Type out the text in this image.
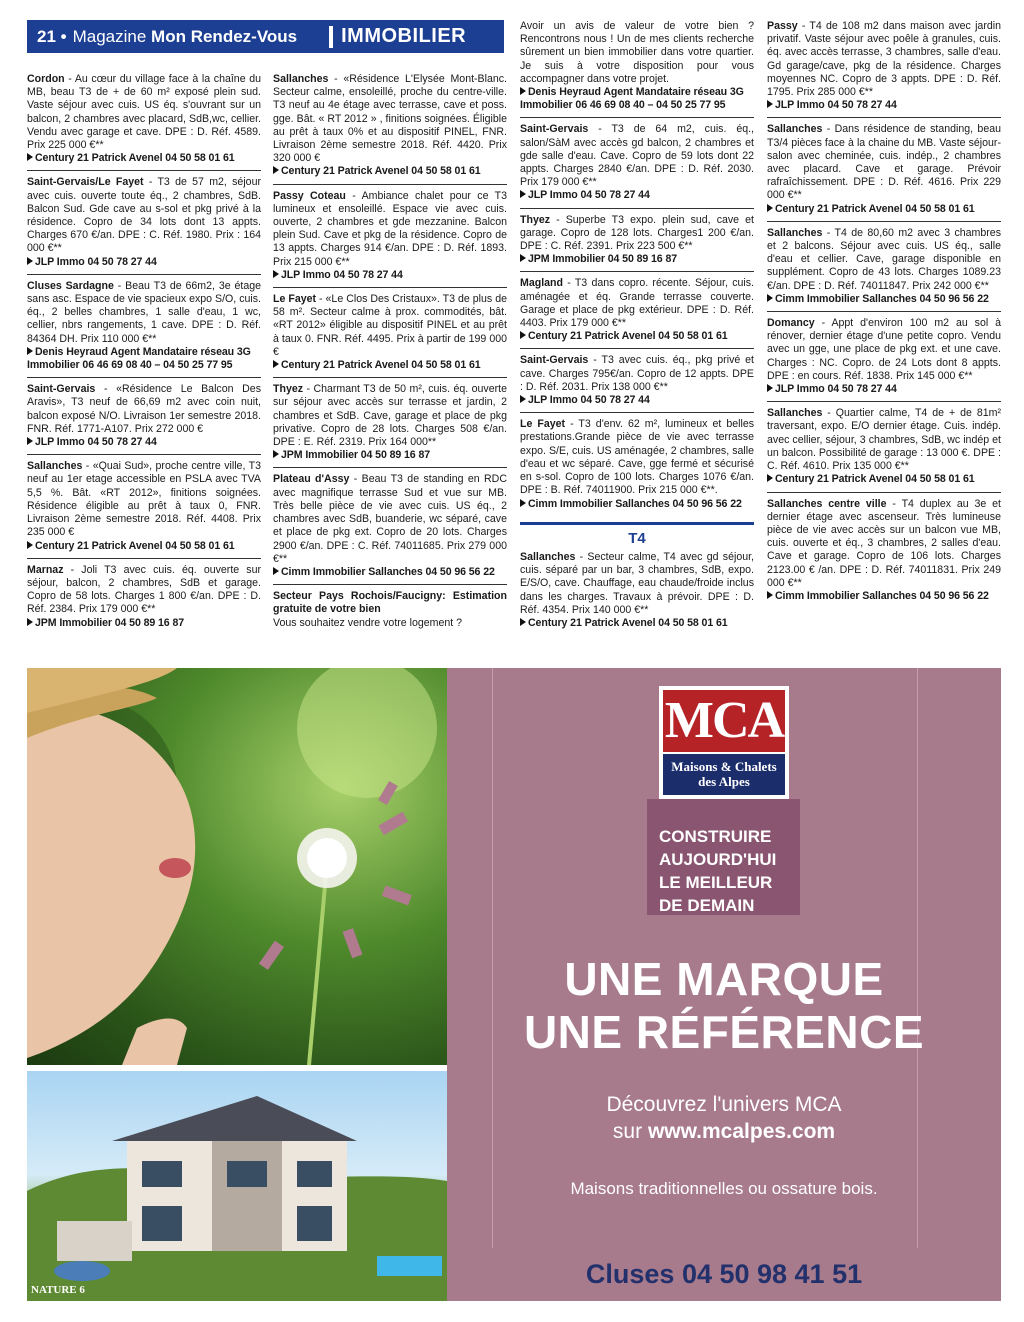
21 • Magazine Mon Rendez-Vous IMMOBILIER
Cordon - Au cœur du village face à la chaîne du MB, beau T3 de + de 60 m² exposé plein sud. Vaste séjour avec cuis. US éq. s'ouvrant sur un balcon, 2 chambres avec placard, SdB,wc, cellier. Vendu avec garage et cave. DPE : D. Réf. 4589. Prix 225 000 €**
Century 21 Patrick Avenel 04 50 58 01 61
Saint-Gervais/Le Fayet - T3 de 57 m2, séjour avec cuis. ouverte toute éq., 2 chambres, SdB. Balcon Sud. Gde cave au s-sol et pkg privé à la résidence. Copro de 34 lots dont 13 appts. Charges 670 €/an. DPE : C. Réf. 1980. Prix : 164 000 €**
JLP Immo 04 50 78 27 44
Cluses Sardagne - Beau T3 de 66m2, 3e étage sans asc. Espace de vie spacieux expo S/O, cuis. éq., 2 belles chambres, 1 salle d'eau, 1 wc, cellier, nbrs rangements, 1 cave. DPE : D. Réf. 84364 DH. Prix 110 000 €**
Denis Heyraud Agent Mandataire réseau 3G Immobilier 06 46 69 08 40 – 04 50 25 77 95
Saint-Gervais - «Résidence Le Balcon Des Aravis», T3 neuf de 66,69 m2 avec coin nuit, balcon exposé N/O. Livraison 1er semestre 2018. FNR. Réf. 1771-A107. Prix 272 000 €
JLP Immo 04 50 78 27 44
Sallanches - «Quai Sud», proche centre ville, T3 neuf au 1er etage accessible en PSLA avec TVA 5,5 %. Bât. «RT 2012», finitions soignées. Résidence éligible au prêt à taux 0, FNR. Livraison 2ème semestre 2018. Réf. 4408. Prix 235 000 €
Century 21 Patrick Avenel 04 50 58 01 61
Marnaz - Joli T3 avec cuis. éq. ouverte sur séjour, balcon, 2 chambres, SdB et garage. Copro de 58 lots. Charges 1 800 €/an. DPE : D. Réf. 2384. Prix 179 000 €**
JPM Immobilier 04 50 89 16 87
Sallanches - «Résidence L'Elysée Mont-Blanc. Secteur calme, ensoleillé, proche du centre-ville. T3 neuf au 4e étage avec terrasse, cave et poss. gge. Bât. « RT 2012 » , finitions soignées. Éligible au prêt à taux 0% et au dispositif PINEL, FNR. Livraison 2ème semestre 2018. Réf. 4420. Prix 320 000 €
Century 21 Patrick Avenel 04 50 58 01 61
Passy Coteau - Ambiance chalet pour ce T3 lumineux et ensoleillé. Espace vie avec cuis. ouverte, 2 chambres et gde mezzanine. Balcon plein Sud. Cave et pkg de la résidence. Copro de 13 appts. Charges 914 €/an. DPE : D. Réf. 1893. Prix 215 000 €**
JLP Immo 04 50 78 27 44
Le Fayet - «Le Clos Des Cristaux». T3 de plus de 58 m². Secteur calme à prox. commodités, bât. «RT 2012» éligible au dispositif PINEL et au prêt à taux 0. FNR. Réf. 4495. Prix à partir de 199 000 €
Century 21 Patrick Avenel 04 50 58 01 61
Thyez - Charmant T3 de 50 m², cuis. éq. ouverte sur séjour avec accès sur terrasse et jardin, 2 chambres et SdB. Cave, garage et place de pkg privative. Copro de 28 lots. Charges 508 €/an. DPE : E. Réf. 2319. Prix 164 000**
JPM Immobilier 04 50 89 16 87
Plateau d'Assy - Beau T3 de standing en RDC avec magnifique terrasse Sud et vue sur MB. Très belle pièce de vie avec cuis. US éq., 2 chambres avec SdB, buanderie, wc séparé, cave et place de pkg ext. Copro de 20 lots. Charges 2900 €/an. DPE : C. Réf. 74011685. Prix 279 000 €**
Cimm Immobilier Sallanches 04 50 96 56 22
Secteur Pays Rochois/Faucigny: Estimation gratuite de votre bien
Vous souhaitez vendre votre logement ?
Avoir un avis de valeur de votre bien ? Rencontrons nous ! Un de mes clients recherche sûrement un bien immobilier dans votre quartier. Je suis à votre disposition pour vous accompagner dans votre projet.
Denis Heyraud Agent Mandataire réseau 3G Immobilier 06 46 69 08 40 – 04 50 25 77 95
Saint-Gervais - T3 de 64 m2, cuis. éq., salon/SàM avec accès gd balcon, 2 chambres et gde salle d'eau. Cave. Copro de 59 lots dont 22 appts. Charges 2840 €/an. DPE : D. Réf. 2030. Prix 179 000 €**
JLP Immo 04 50 78 27 44
Thyez - Superbe T3 expo. plein sud, cave et garage. Copro de 128 lots. Charges1 200 €/an. DPE : C. Réf. 2391. Prix 223 500 €**
JPM Immobilier 04 50 89 16 87
Magland - T3 dans copro. récente. Séjour, cuis. aménagée et éq. Grande terrasse couverte. Garage et place de pkg extérieur. DPE : D. Réf. 4403. Prix 179 000 €**
Century 21 Patrick Avenel 04 50 58 01 61
Saint-Gervais - T3 avec cuis. éq., pkg privé et cave. Charges 795€/an. Copro de 12 appts. DPE : D. Réf. 2031. Prix 138 000 €**
JLP Immo 04 50 78 27 44
Le Fayet - T3 d'env. 62 m², lumineux et belles prestations.Grande pièce de vie avec terrasse expo. S/E, cuis. US aménagée, 2 chambres, salle d'eau et wc séparé. Cave, gge fermé et sécurisé en s-sol. Copro de 100 lots. Charges 1076 €/an. DPE : B. Réf. 74011900. Prix 215 000 €**.
Cimm Immobilier Sallanches 04 50 96 56 22
T4
Sallanches - Secteur calme, T4 avec gd séjour, cuis. séparé par un bar, 3 chambres, SdB, expo. E/S/O, cave. Chauffage, eau chaude/froide inclus dans les charges. Travaux à prévoir. DPE : D. Réf. 4354. Prix 140 000 €**
Century 21 Patrick Avenel 04 50 58 01 61
Passy - T4 de 108 m2 dans maison avec jardin privatif. Vaste séjour avec poêle à granules, cuis. éq. avec accès terrasse, 3 chambres, salle d'eau. Gd garage/cave, pkg de la résidence. Charges moyennes NC. Copro de 3 appts. DPE : D. Réf. 1795. Prix 285 000 €**
JLP Immo 04 50 78 27 44
Sallanches - Dans résidence de standing, beau T3/4 pièces face à la chaine du MB. Vaste séjour-salon avec cheminée, cuis. indép., 2 chambres avec placard. Cave et garage. Prévoir rafraîchissement. DPE : D. Réf. 4616. Prix 229 000 €**
Century 21 Patrick Avenel 04 50 58 01 61
Sallanches - T4 de 80,60 m2 avec 3 chambres et 2 balcons. Séjour avec cuis. US éq., salle d'eau et cellier. Cave, garage disponible en supplément. Copro de 43 lots. Charges 1089.23 €/an. DPE : D. Réf. 74011847. Prix 242 000 €**
Cimm Immobilier Sallanches 04 50 96 56 22
Domancy - Appt d'environ 100 m2 au sol à rénover, dernier étage d'une petite copro. Vendu avec un gge, une place de pkg ext. et une cave. Charges : NC. Copro. de 24 Lots dont 8 appts. DPE : en cours. Réf. 1838. Prix 145 000 €**
JLP Immo 04 50 78 27 44
Sallanches - Quartier calme, T4 de + de 81m² traversant, expo. E/O dernier étage. Cuis. indép. avec cellier, séjour, 3 chambres, SdB, wc indép et un balcon. Possibilité de garage : 13 000 €. DPE : C. Réf. 4610. Prix 135 000 €**
Century 21 Patrick Avenel 04 50 58 01 61
Sallanches centre ville - T4 duplex au 3e et dernier étage avec ascenseur. Très lumineuse pièce de vie avec accès sur un balcon vue MB, cuis. ouverte et éq., 3 chambres, 2 salles d'eau. Cave et garage. Copro de 106 lots. Charges 2123.00 € /an. DPE : D. Réf. 74011831. Prix 249 000 €**
Cimm Immobilier Sallanches 04 50 96 56 22
NATURE 6
MCA
Maisons & Chalets
des Alpes
CONSTRUIRE
AUJOURD'HUI
LE MEILLEUR
DE DEMAIN
UNE MARQUE
UNE RÉFÉRENCE
Découvrez l'univers MCA
sur www.mcalpes.com
Maisons traditionnelles ou ossature bois.
Cluses 04 50 98 41 51
